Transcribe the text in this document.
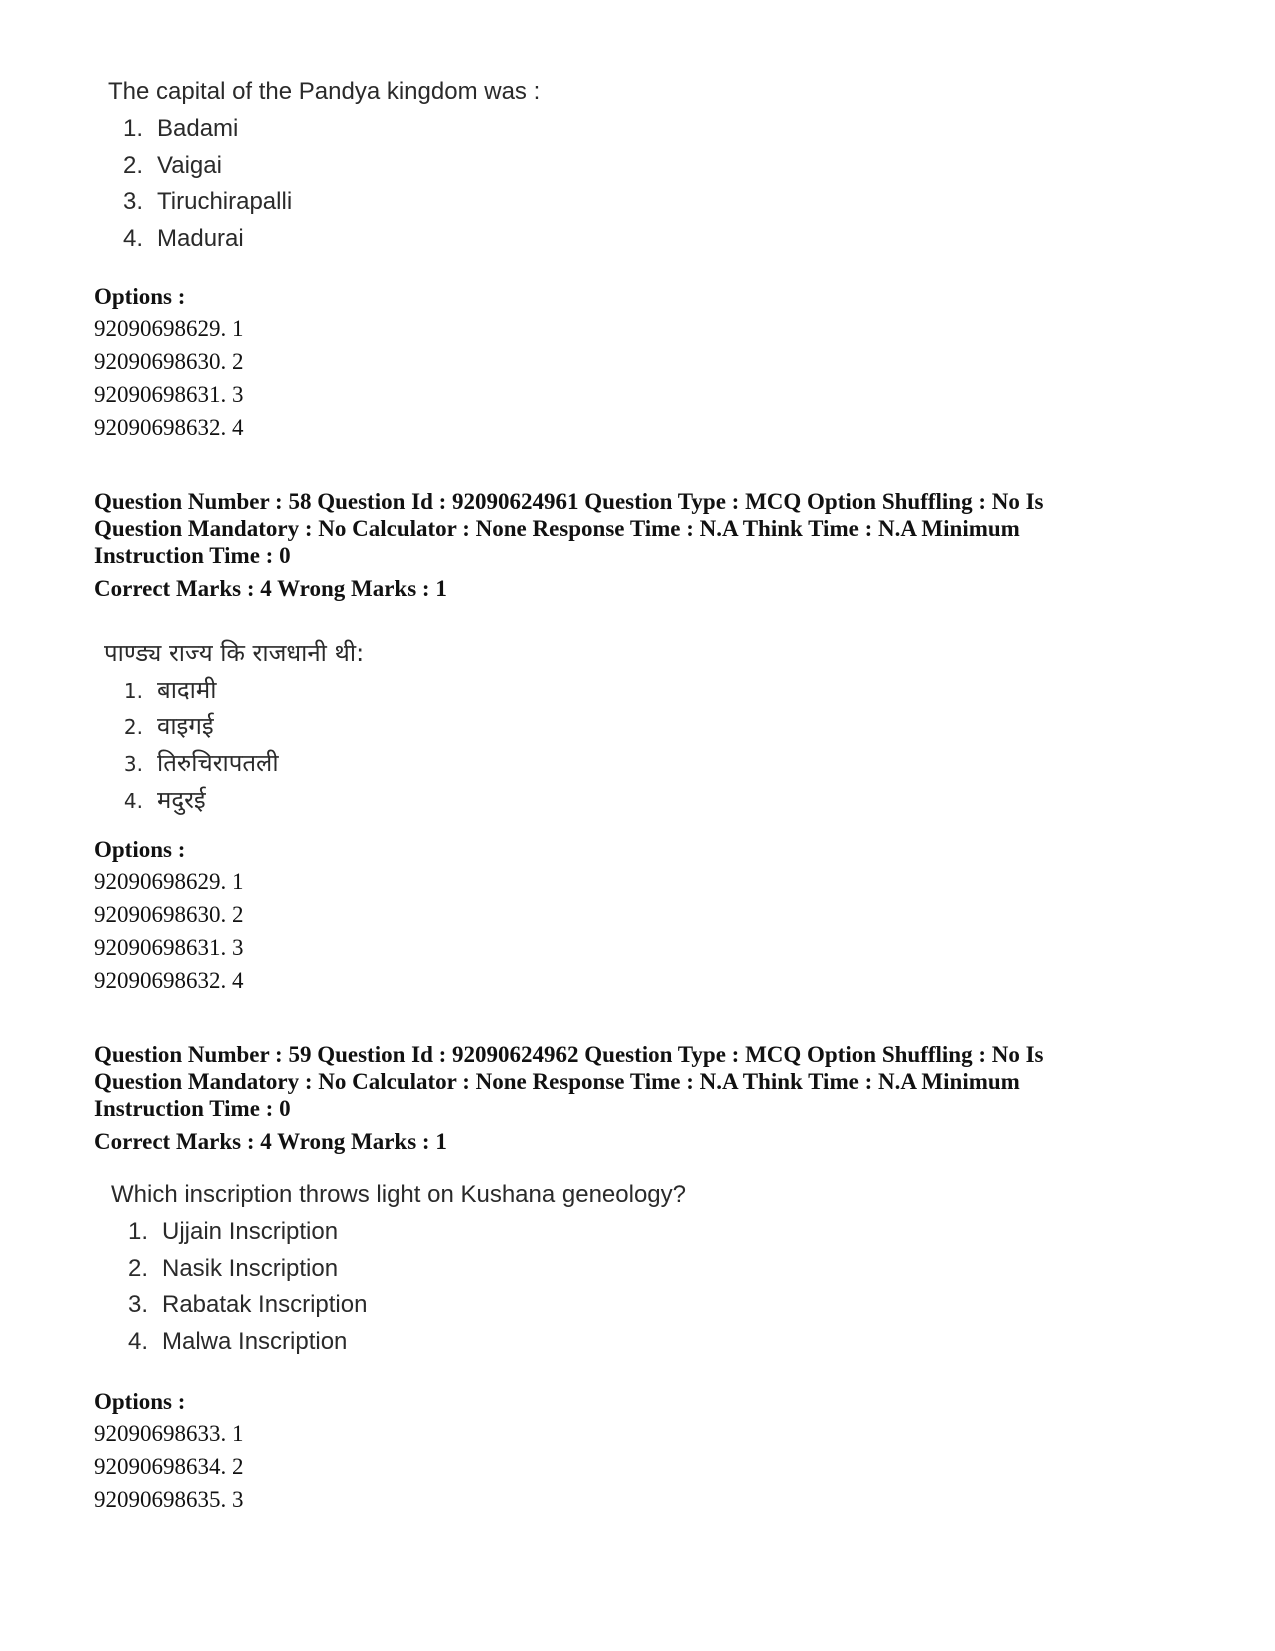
The capital of the Pandya kingdom was :
1. Badami
2. Vaigai
3. Tiruchirapalli
4. Madurai
Options :
92090698629. 1
92090698630. 2
92090698631. 3
92090698632. 4
Question Number : 58 Question Id : 92090624961 Question Type : MCQ Option Shuffling : No Is
Question Mandatory : No Calculator : None Response Time : N.A Think Time : N.A Minimum
Instruction Time : 0
Correct Marks : 4 Wrong Marks : 1
पाण्ड्य राज्य कि राजधानी थी:
1. बादामी
2. वाइगई
3. तिरुचिरापतली
4. मदुरई
Options :
92090698629. 1
92090698630. 2
92090698631. 3
92090698632. 4
Question Number : 59 Question Id : 92090624962 Question Type : MCQ Option Shuffling : No Is
Question Mandatory : No Calculator : None Response Time : N.A Think Time : N.A Minimum
Instruction Time : 0
Correct Marks : 4 Wrong Marks : 1
Which inscription throws light on Kushana geneology?
1. Ujjain Inscription
2. Nasik Inscription
3. Rabatak Inscription
4. Malwa Inscription
Options :
92090698633. 1
92090698634. 2
92090698635. 3
